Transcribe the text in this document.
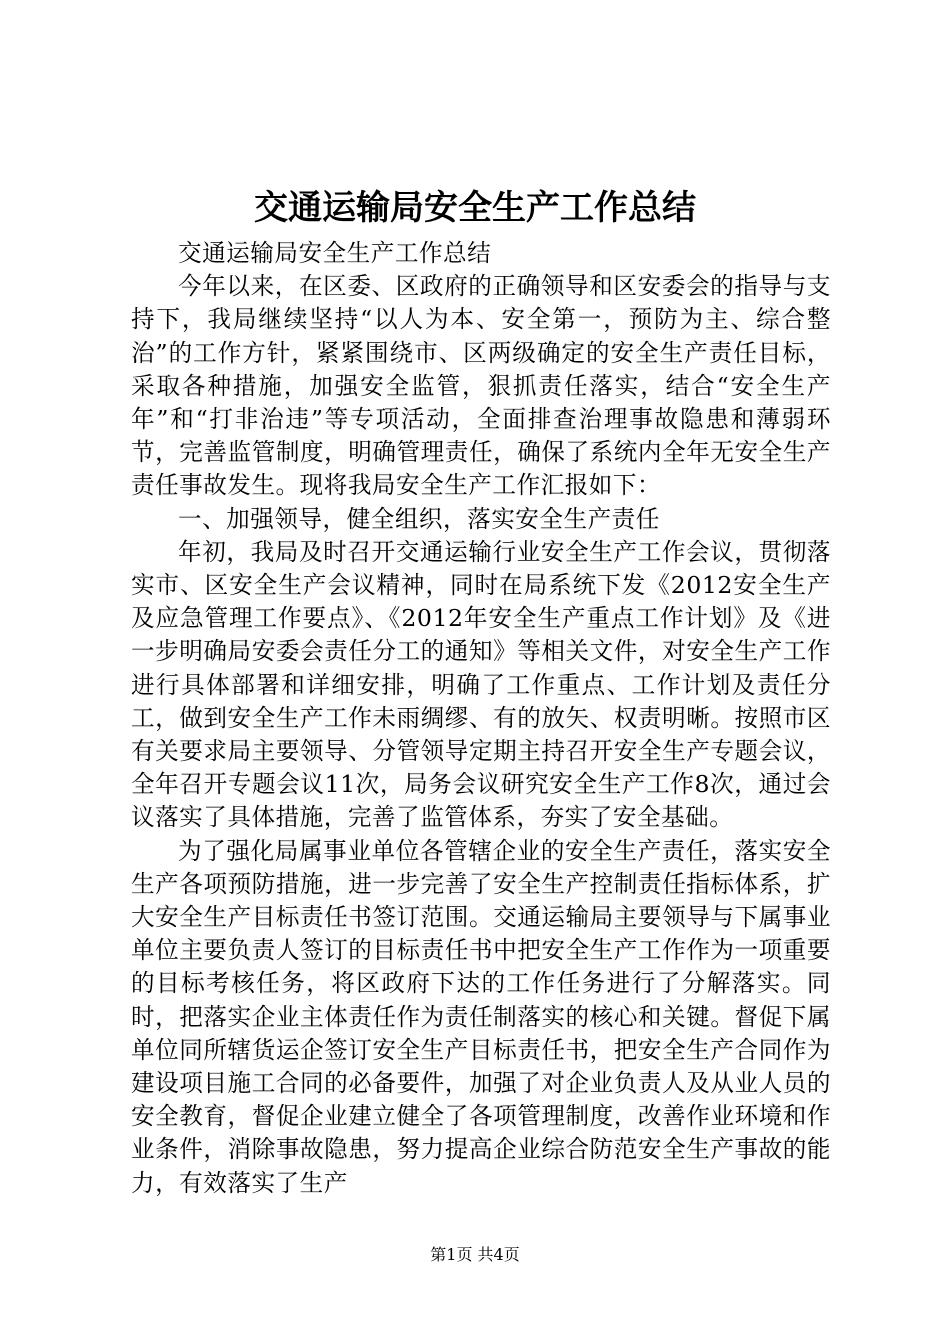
交通运输局安全生产工作总结

交通运输局安全生产工作总结

今年以来，在区委、区政府的正确领导和区安委会的指导与支持下，我局继续坚持“以人为本、安全第一，预防为主、综合整治”的工作方针，紧紧围绕市、区两级确定的安全生产责任目标，采取各种措施，加强安全监管，狠抓责任落实，结合“安全生产年”和“打非治违”等专项活动，全面排查治理事故隐患和薄弱环节，完善监管制度，明确管理责任，确保了系统内全年无安全生产责任事故发生。现将我局安全生产工作汇报如下：

一、加强领导，健全组织，落实安全生产责任

年初，我局及时召开交通运输行业安全生产工作会议，贯彻落实市、区安全生产会议精神，同时在局系统下发《2012安全生产及应急管理工作要点》、《2012年安全生产重点工作计划》及《进一步明确局安委会责任分工的通知》等相关文件，对安全生产工作进行具体部署和详细安排，明确了工作重点、工作计划及责任分工，做到安全生产工作未雨绸缪、有的放矢、权责明晰。按照市区有关要求局主要领导、分管领导定期主持召开安全生产专题会议，全年召开专题会议11次，局务会议研究安全生产工作8次，通过会议落实了具体措施，完善了监管体系，夯实了安全基础。

为了强化局属事业单位各管辖企业的安全生产责任，落实安全生产各项预防措施，进一步完善了安全生产控制责任指标体系，扩大安全生产目标责任书签订范围。交通运输局主要领导与下属事业单位主要负责人签订的目标责任书中把安全生产工作作为一项重要的目标考核任务，将区政府下达的工作任务进行了分解落实。同时，把落实企业主体责任作为责任制落实的核心和关键。督促下属单位同所辖货运企签订安全生产目标责任书，把安全生产合同作为建设项目施工合同的必备要件，加强了对企业负责人及从业人员的安全教育，督促企业建立健全了各项管理制度，改善作业环境和作业条件，消除事故隐患，努力提高企业综合防范安全生产事故的能力，有效落实了生产

第1页 共4页
